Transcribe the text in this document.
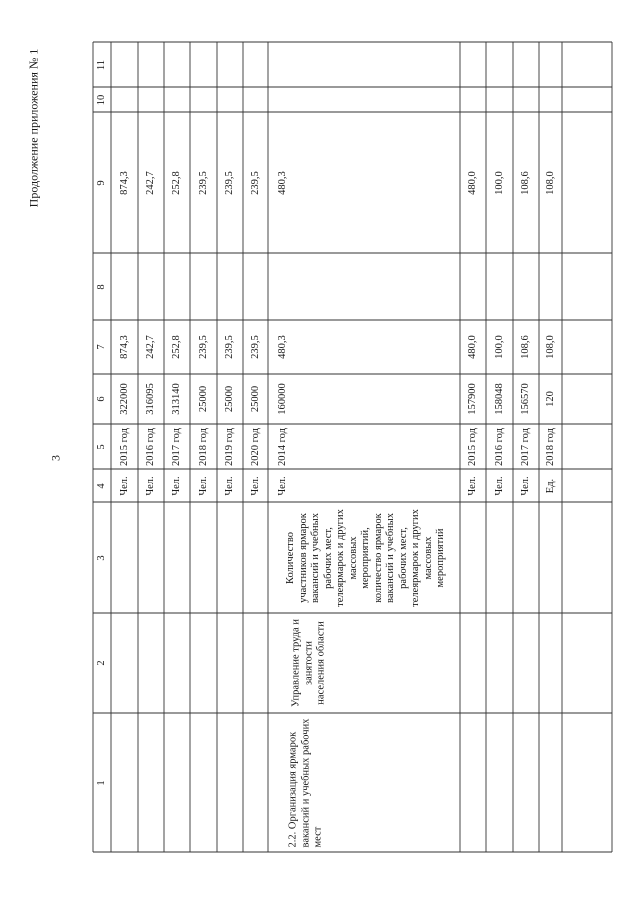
3
Продолжение приложения № 1
1
2
3
4
5
6
7
8
9
10
11
Чел.
2015 год
322000
874,3
874,3
Чел.
2016 год
316095
242,7
242,7
Чел.
2017 год
313140
252,8
252,8
Чел.
2018 год
25000
239,5
239,5
Чел.
2019 год
25000
239,5
239,5
Чел.
2020 год
25000
239,5
239,5
Чел.
2014 год
160000
480,3
480,3
Чел.
2015 год
157900
480,0
480,0
Чел.
2016 год
158048
100,0
100,0
Чел.
2017 год
156570
108,6
108,6
Ед.
2018 год
120
108,0
108,0
2.2. Организация ярмарок вакансий и учебных рабочих мест
Управление труда и занятости населения области
Количество участников ярмарок вакансий и учебных рабочих мест, телеярмарок и других массовых мероприятий, количество ярмарок вакансий и учебных рабочих мест, телеярмарок и других массовых мероприятий
